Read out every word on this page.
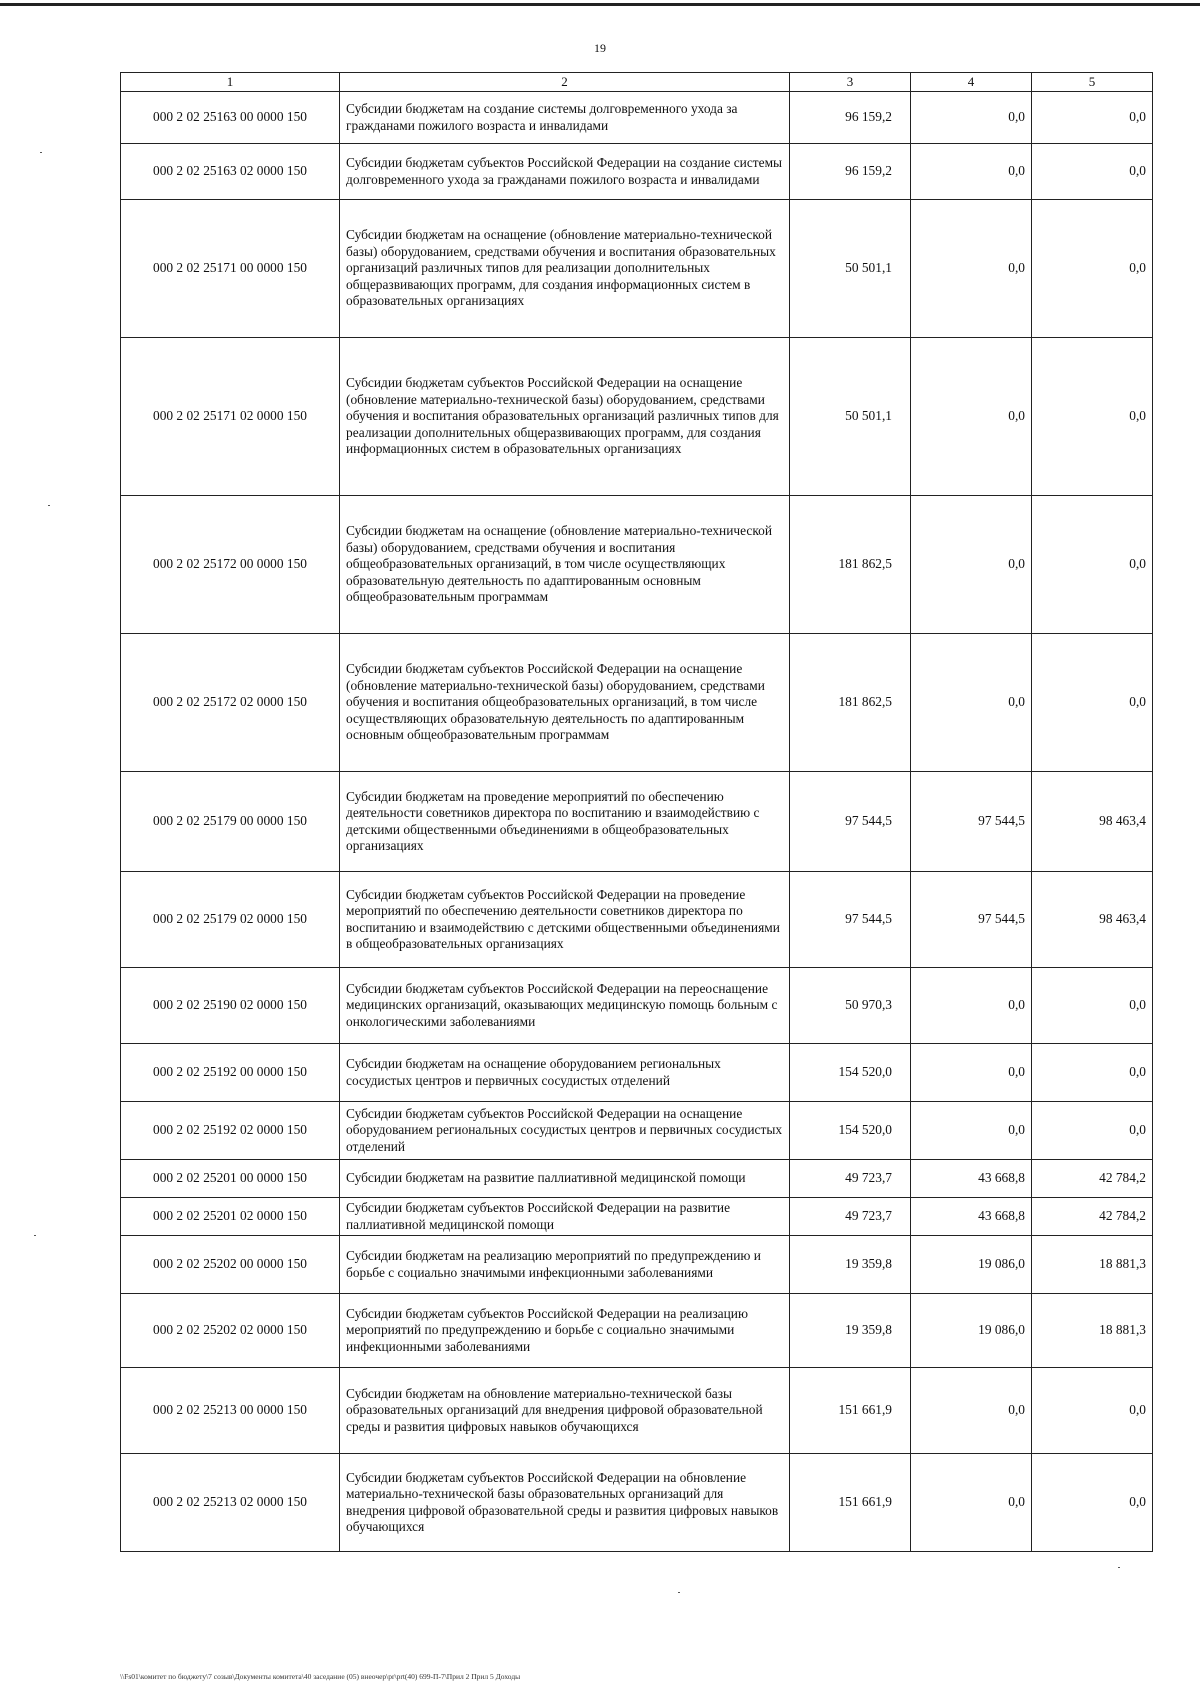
19
1	2	3	4	5
000 2 02 25163 00 0000 150	Субсидии бюджетам на создание системы долговременного ухода за гражданами пожилого возраста и инвалидами	96 159,2	0,0	0,0
000 2 02 25163 02 0000 150	Субсидии бюджетам субъектов Российской Федерации на создание системы долговременного ухода за гражданами пожилого возраста и инвалидами	96 159,2	0,0	0,0
000 2 02 25171 00 0000 150	Субсидии бюджетам на оснащение (обновление материально-технической базы) оборудованием, средствами обучения и воспитания образовательных организаций различных типов для реализации дополнительных общеразвивающих программ, для создания информационных систем в образовательных организациях	50 501,1	0,0	0,0
000 2 02 25171 02 0000 150	Субсидии бюджетам субъектов Российской Федерации на оснащение (обновление материально-технической базы) оборудованием, средствами обучения и воспитания образовательных организаций различных типов для реализации дополнительных общеразвивающих программ, для создания информационных систем в образовательных организациях	50 501,1	0,0	0,0
000 2 02 25172 00 0000 150	Субсидии бюджетам на оснащение (обновление материально-технической базы) оборудованием, средствами обучения и воспитания общеобразовательных организаций, в том числе осуществляющих образовательную деятельность по адаптированным основным общеобразовательным программам	181 862,5	0,0	0,0
000 2 02 25172 02 0000 150	Субсидии бюджетам субъектов Российской Федерации на оснащение (обновление материально-технической базы) оборудованием, средствами обучения и воспитания общеобразовательных организаций, в том числе осуществляющих образовательную деятельность по адаптированным основным общеобразовательным программам	181 862,5	0,0	0,0
000 2 02 25179 00 0000 150	Субсидии бюджетам на проведение мероприятий по обеспечению деятельности советников директора по воспитанию и взаимодействию с детскими общественными объединениями в общеобразовательных организациях	97 544,5	97 544,5	98 463,4
000 2 02 25179 02 0000 150	Субсидии бюджетам субъектов Российской Федерации на проведение мероприятий по обеспечению деятельности советников директора по воспитанию и взаимодействию с детскими общественными объединениями в общеобразовательных организациях	97 544,5	97 544,5	98 463,4
000 2 02 25190 02 0000 150	Субсидии бюджетам субъектов Российской Федерации на переоснащение медицинских организаций, оказывающих медицинскую помощь больным с онкологическими заболеваниями	50 970,3	0,0	0,0
000 2 02 25192 00 0000 150	Субсидии бюджетам на оснащение оборудованием региональных сосудистых центров и первичных сосудистых отделений	154 520,0	0,0	0,0
000 2 02 25192 02 0000 150	Субсидии бюджетам субъектов Российской Федерации на оснащение оборудованием региональных сосудистых центров и первичных сосудистых отделений	154 520,0	0,0	0,0
000 2 02 25201 00 0000 150	Субсидии бюджетам на развитие паллиативной медицинской помощи	49 723,7	43 668,8	42 784,2
000 2 02 25201 02 0000 150	Субсидии бюджетам субъектов Российской Федерации на развитие паллиативной медицинской помощи	49 723,7	43 668,8	42 784,2
000 2 02 25202 00 0000 150	Субсидии бюджетам на реализацию мероприятий по предупреждению и борьбе с социально значимыми инфекционными заболеваниями	19 359,8	19 086,0	18 881,3
000 2 02 25202 02 0000 150	Субсидии бюджетам субъектов Российской Федерации на реализацию мероприятий по предупреждению и борьбе с социально значимыми инфекционными заболеваниями	19 359,8	19 086,0	18 881,3
000 2 02 25213 00 0000 150	Субсидии бюджетам на обновление материально-технической базы образовательных организаций для внедрения цифровой образовательной среды и развития цифровых навыков обучающихся	151 661,9	0,0	0,0
000 2 02 25213 02 0000 150	Субсидии бюджетам субъектов Российской Федерации на обновление материально-технической базы образовательных организаций для внедрения цифровой образовательной среды и развития цифровых навыков обучающихся	151 661,9	0,0	0,0
\\Fs01\комитет по бюджету\7 созыв\Документы комитета\40 заседание (05) внеочер\pr\prt(40) 699-П-7\Прил 2 Прил 5 Доходы
